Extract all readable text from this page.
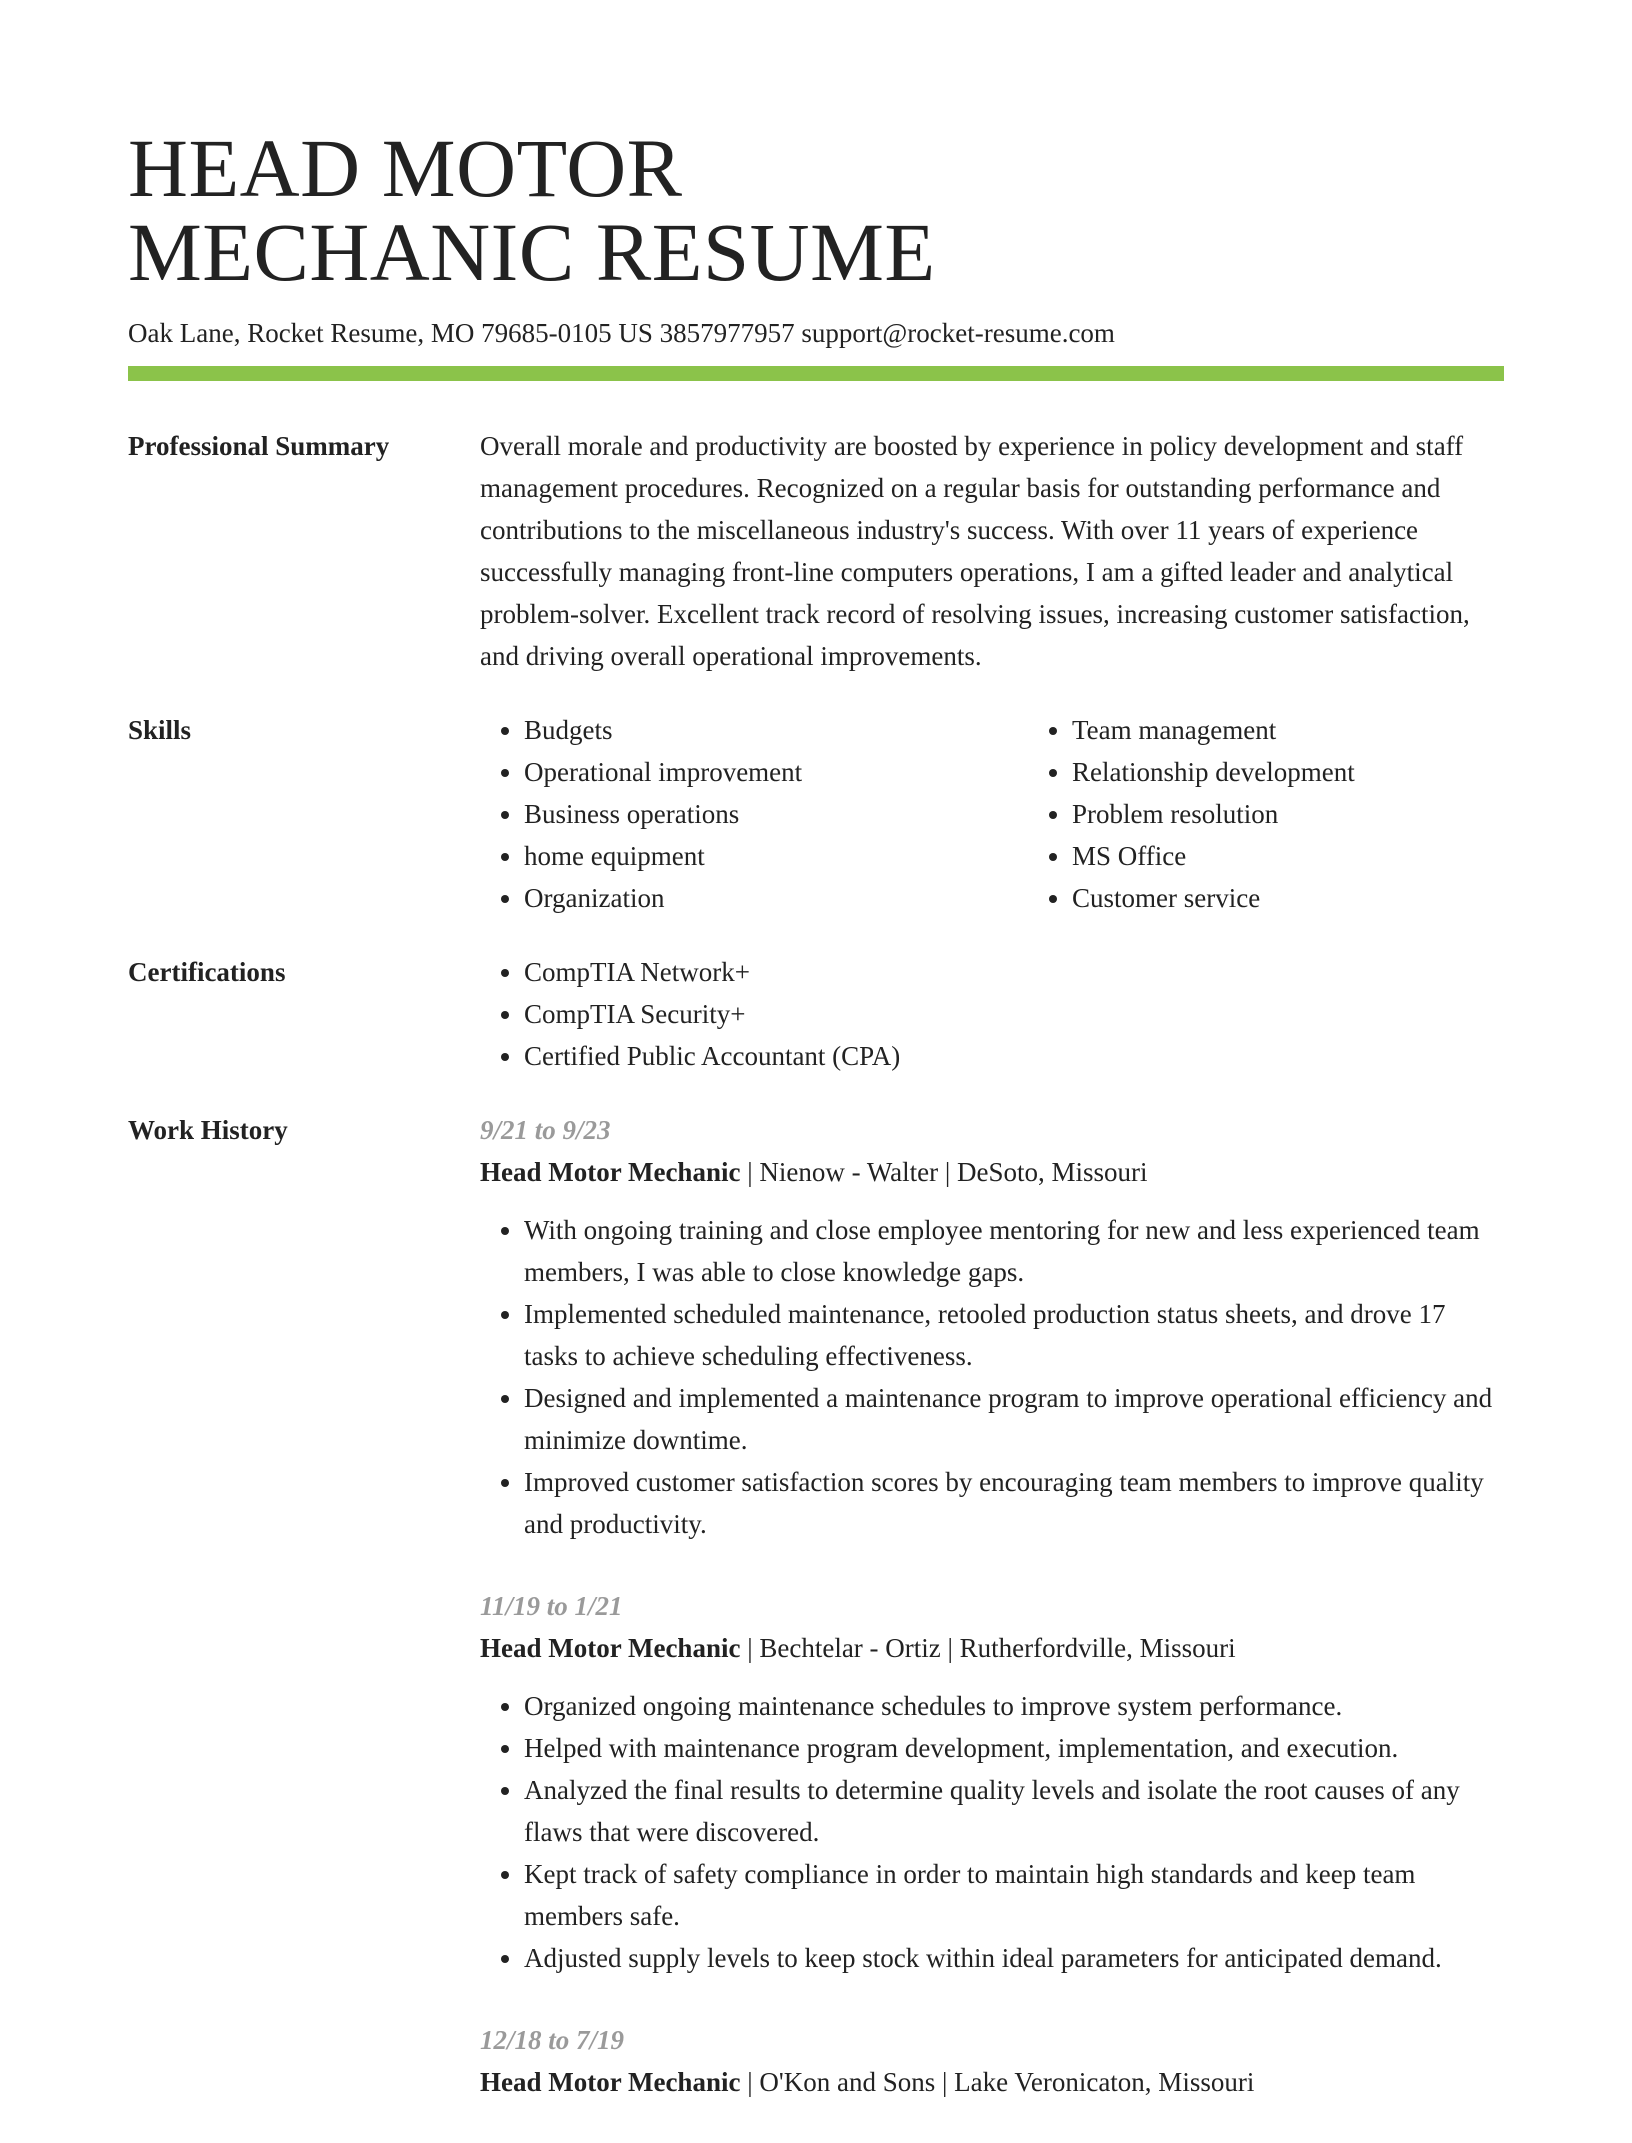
HEAD MOTOR
MECHANIC RESUME
Oak Lane, Rocket Resume, MO 79685-0105 US 3857977957 support@rocket-resume.com
Professional Summary	Overall morale and productivity are boosted by experience in policy development and staff management procedures. Recognized on a regular basis for outstanding performance and contributions to the miscellaneous industry's success. With over 11 years of experience successfully managing front-line computers operations, I am a gifted leader and analytical problem-solver. Excellent track record of resolving issues, increasing customer satisfaction, and driving overall operational improvements.
Skills	• Budgets
• Operational improvement
• Business operations
• home equipment
• Organization
• Team management
• Relationship development
• Problem resolution
• MS Office
• Customer service
Certifications	• CompTIA Network+
• CompTIA Security+
• Certified Public Accountant (CPA)
Work History	9/21 to 9/23
Head Motor Mechanic | Nienow - Walter | DeSoto, Missouri
• With ongoing training and close employee mentoring for new and less experienced team members, I was able to close knowledge gaps.
• Implemented scheduled maintenance, retooled production status sheets, and drove 17 tasks to achieve scheduling effectiveness.
• Designed and implemented a maintenance program to improve operational efficiency and minimize downtime.
• Improved customer satisfaction scores by encouraging team members to improve quality and productivity.
11/19 to 1/21
Head Motor Mechanic | Bechtelar - Ortiz | Rutherfordville, Missouri
• Organized ongoing maintenance schedules to improve system performance.
• Helped with maintenance program development, implementation, and execution.
• Analyzed the final results to determine quality levels and isolate the root causes of any flaws that were discovered.
• Kept track of safety compliance in order to maintain high standards and keep team members safe.
• Adjusted supply levels to keep stock within ideal parameters for anticipated demand.
12/18 to 7/19
Head Motor Mechanic | O'Kon and Sons | Lake Veronicaton, Missouri
